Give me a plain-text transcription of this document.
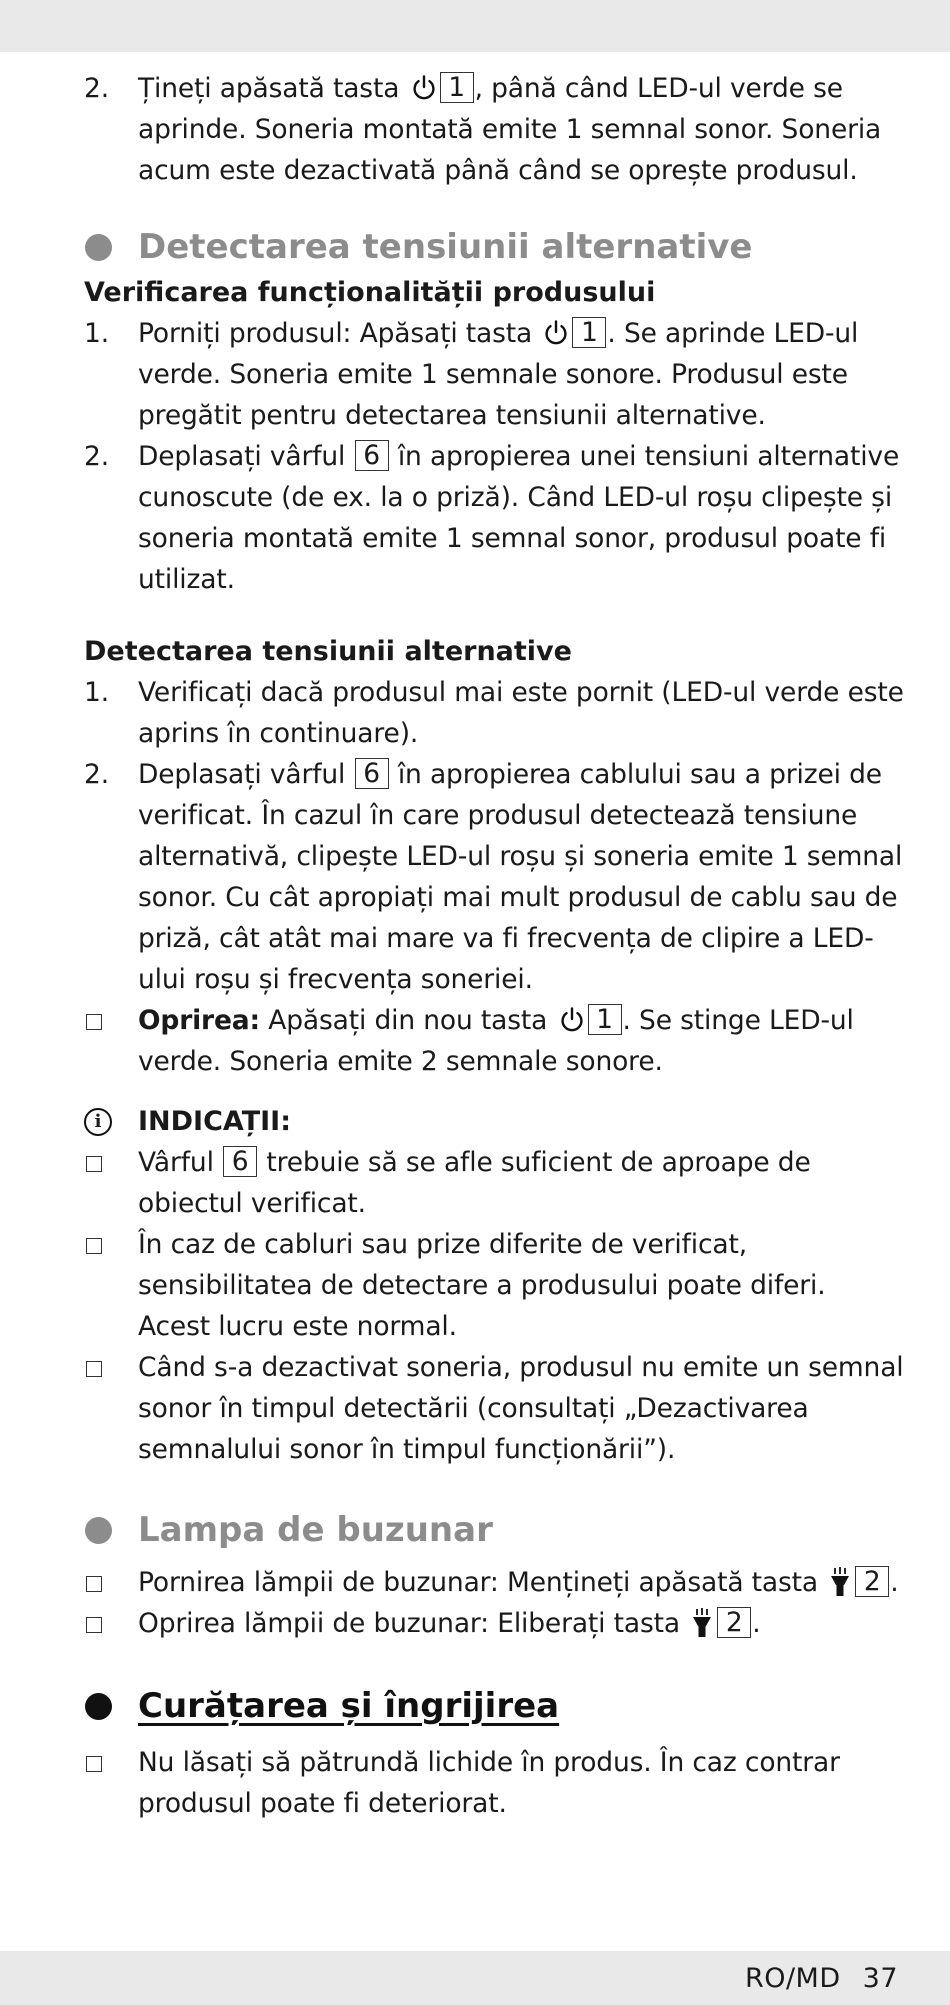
2. Țineți apăsată tasta 1 , până când LED-ul verde se aprinde. Soneria montată emite 1 semnal sonor. Soneria acum este dezactivată până când se oprește produsul.
Detectarea tensiunii alternative
Verificarea funcționalității produsului
1. Porniți produsul: Apăsați tasta 1 . Se aprinde LED-ul verde. Soneria emite 1 semnale sonore. Produsul este pregătit pentru detectarea tensiunii alternative.
2. Deplasați vârful 6 în apropierea unei tensiuni alternative cunoscute (de ex. la o priză). Când LED-ul roșu clipește și soneria montată emite 1 semnal sonor, produsul poate fi utilizat.
Detectarea tensiunii alternative
1. Verificați dacă produsul mai este pornit (LED-ul verde este aprins în continuare).
2. Deplasați vârful 6 în apropierea cablului sau a prizei de verificat. În cazul în care produsul detectează tensiune alternativă, clipește LED-ul roșu și soneria emite 1 semnal sonor. Cu cât apropiați mai mult produsul de cablu sau de priză, cât atât mai mare va fi frecvența de clipire a LED-ului roșu și frecvența soneriei.
Oprirea: Apăsați din nou tasta 1 . Se stinge LED-ul verde. Soneria emite 2 semnale sonore.
i	INDICAȚII:
Vârful 6 trebuie să se afle suficient de aproape de obiectul verificat.
În caz de cabluri sau prize diferite de verificat, sensibilitatea de detectare a produsului poate diferi. Acest lucru este normal.
Când s-a dezactivat soneria, produsul nu emite un semnal sonor în timpul detectării (consultați „Dezactivarea semnalului sonor în timpul funcționării”).
Lampa de buzunar
Pornirea lămpii de buzunar: Mențineți apăsată tasta 2 .
Oprirea lămpii de buzunar: Eliberați tasta 2 .
Curățarea și îngrijirea
Nu lăsați să pătrundă lichide în produs. În caz contrar produsul poate fi deteriorat.
RO/MD 37
